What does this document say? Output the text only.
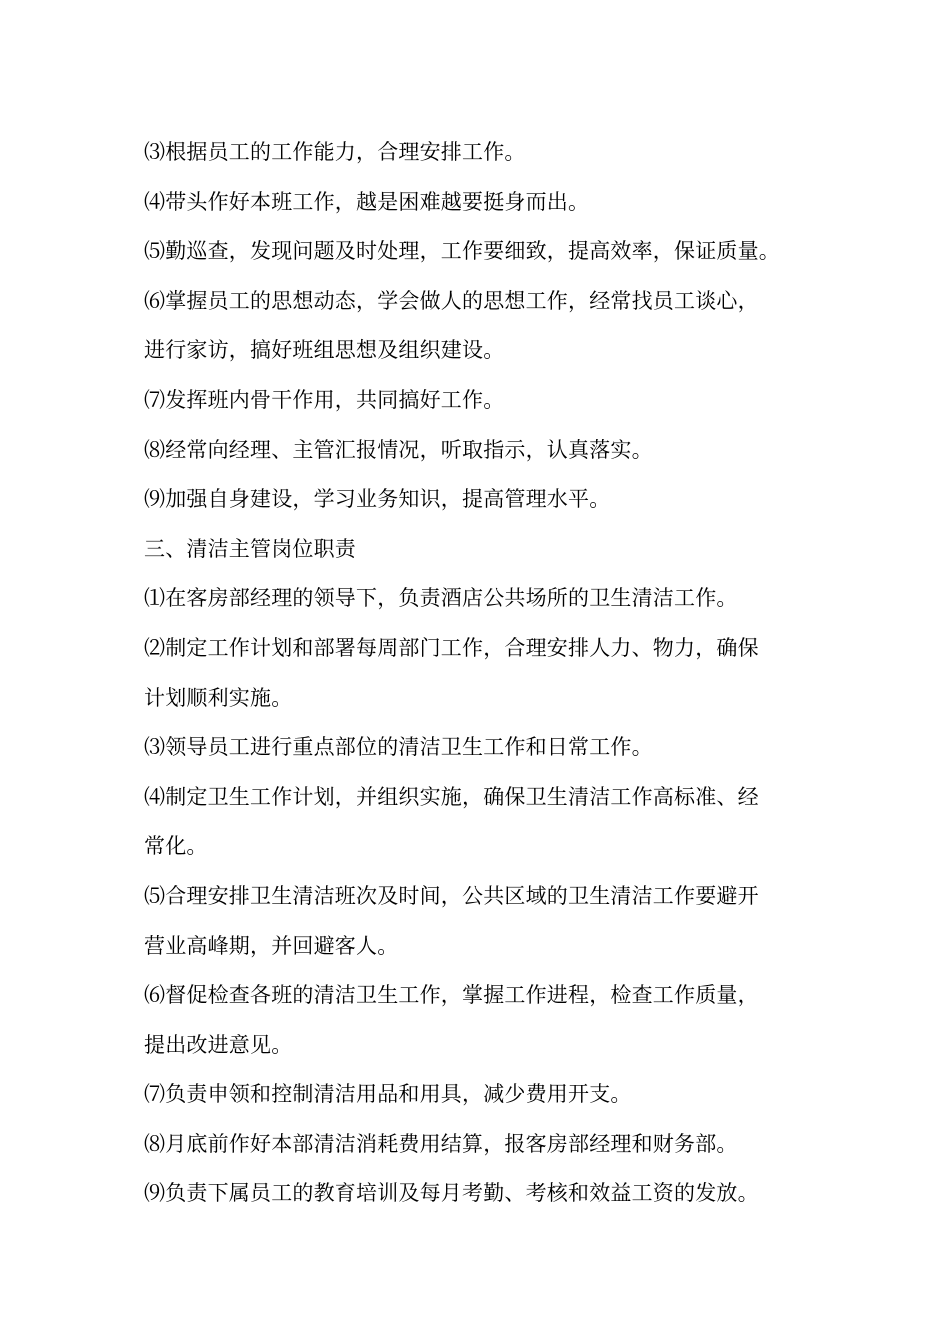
⑶根据员工的工作能力，合理安排工作。
⑷带头作好本班工作，越是困难越要挺身而出。
⑸勤巡查，发现问题及时处理，工作要细致，提高效率，保证质量。
⑹掌握员工的思想动态，学会做人的思想工作，经常找员工谈心，
进行家访，搞好班组思想及组织建设。
⑺发挥班内骨干作用，共同搞好工作。
⑻经常向经理、主管汇报情况，听取指示，认真落实。
⑼加强自身建设，学习业务知识，提高管理水平。
三、清洁主管岗位职责
⑴在客房部经理的领导下，负责酒店公共场所的卫生清洁工作。
⑵制定工作计划和部署每周部门工作，合理安排人力、物力，确保
计划顺利实施。
⑶领导员工进行重点部位的清洁卫生工作和日常工作。
⑷制定卫生工作计划，并组织实施，确保卫生清洁工作高标准、经
常化。
⑸合理安排卫生清洁班次及时间，公共区域的卫生清洁工作要避开
营业高峰期，并回避客人。
⑹督促检查各班的清洁卫生工作，掌握工作进程，检查工作质量，
提出改进意见。
⑺负责申领和控制清洁用品和用具，减少费用开支。
⑻月底前作好本部清洁消耗费用结算，报客房部经理和财务部。
⑼负责下属员工的教育培训及每月考勤、考核和效益工资的发放。
